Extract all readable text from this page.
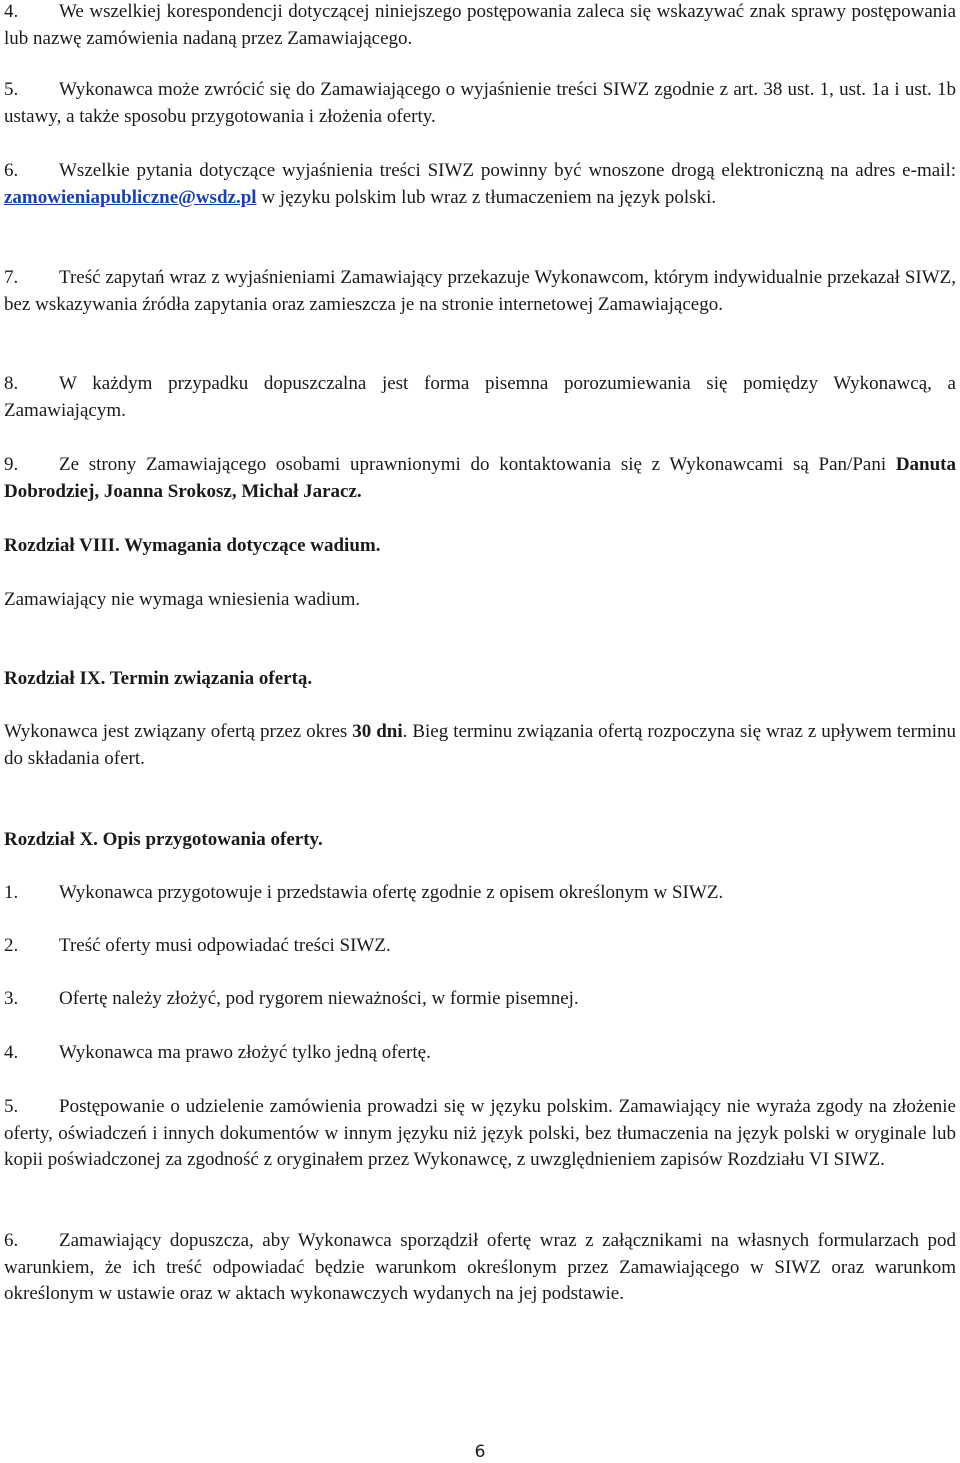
4. We wszelkiej korespondencji dotyczącej niniejszego postępowania zaleca się wskazywać znak sprawy postępowania lub nazwę zamówienia nadaną przez Zamawiającego.

5. Wykonawca może zwrócić się do Zamawiającego o wyjaśnienie treści SIWZ zgodnie z art. 38 ust. 1, ust. 1a i ust. 1b ustawy, a także sposobu przygotowania i złożenia oferty.

6. Wszelkie pytania dotyczące wyjaśnienia treści SIWZ powinny być wnoszone drogą elektroniczną na adres e-mail: zamowieniapubliczne@wsdz.pl w języku polskim lub wraz z tłumaczeniem na język polski.

7. Treść zapytań wraz z wyjaśnieniami Zamawiający przekazuje Wykonawcom, którym indywidualnie przekazał SIWZ, bez wskazywania źródła zapytania oraz zamieszcza je na stronie internetowej Zamawiającego.

8. W każdym przypadku dopuszczalna jest forma pisemna porozumiewania się pomiędzy Wykonawcą, a Zamawiającym.

9. Ze strony Zamawiającego osobami uprawnionymi do kontaktowania się z Wykonawcami są Pan/Pani Danuta Dobrodziej, Joanna Srokosz, Michał Jaracz.

Rozdział VIII. Wymagania dotyczące wadium.

Zamawiający nie wymaga wniesienia wadium.

Rozdział IX. Termin związania ofertą.

Wykonawca jest związany ofertą przez okres 30 dni. Bieg terminu związania ofertą rozpoczyna się wraz z upływem terminu do składania ofert.

Rozdział X. Opis przygotowania oferty.

1. Wykonawca przygotowuje i przedstawia ofertę zgodnie z opisem określonym w SIWZ.

2. Treść oferty musi odpowiadać treści SIWZ.

3. Ofertę należy złożyć, pod rygorem nieważności, w formie pisemnej.

4. Wykonawca ma prawo złożyć tylko jedną ofertę.

5. Postępowanie o udzielenie zamówienia prowadzi się w języku polskim. Zamawiający nie wyraża zgody na złożenie oferty, oświadczeń i innych dokumentów w innym języku niż język polski, bez tłumaczenia na język polski w oryginale lub kopii poświadczonej za zgodność z oryginałem przez Wykonawcę, z uwzględnieniem zapisów Rozdziału VI SIWZ.

6. Zamawiający dopuszcza, aby Wykonawca sporządził ofertę wraz z załącznikami na własnych formularzach pod warunkiem, że ich treść odpowiadać będzie warunkom określonym przez Zamawiającego w SIWZ oraz warunkom określonym w ustawie oraz w aktach wykonawczych wydanych na jej podstawie.

6
